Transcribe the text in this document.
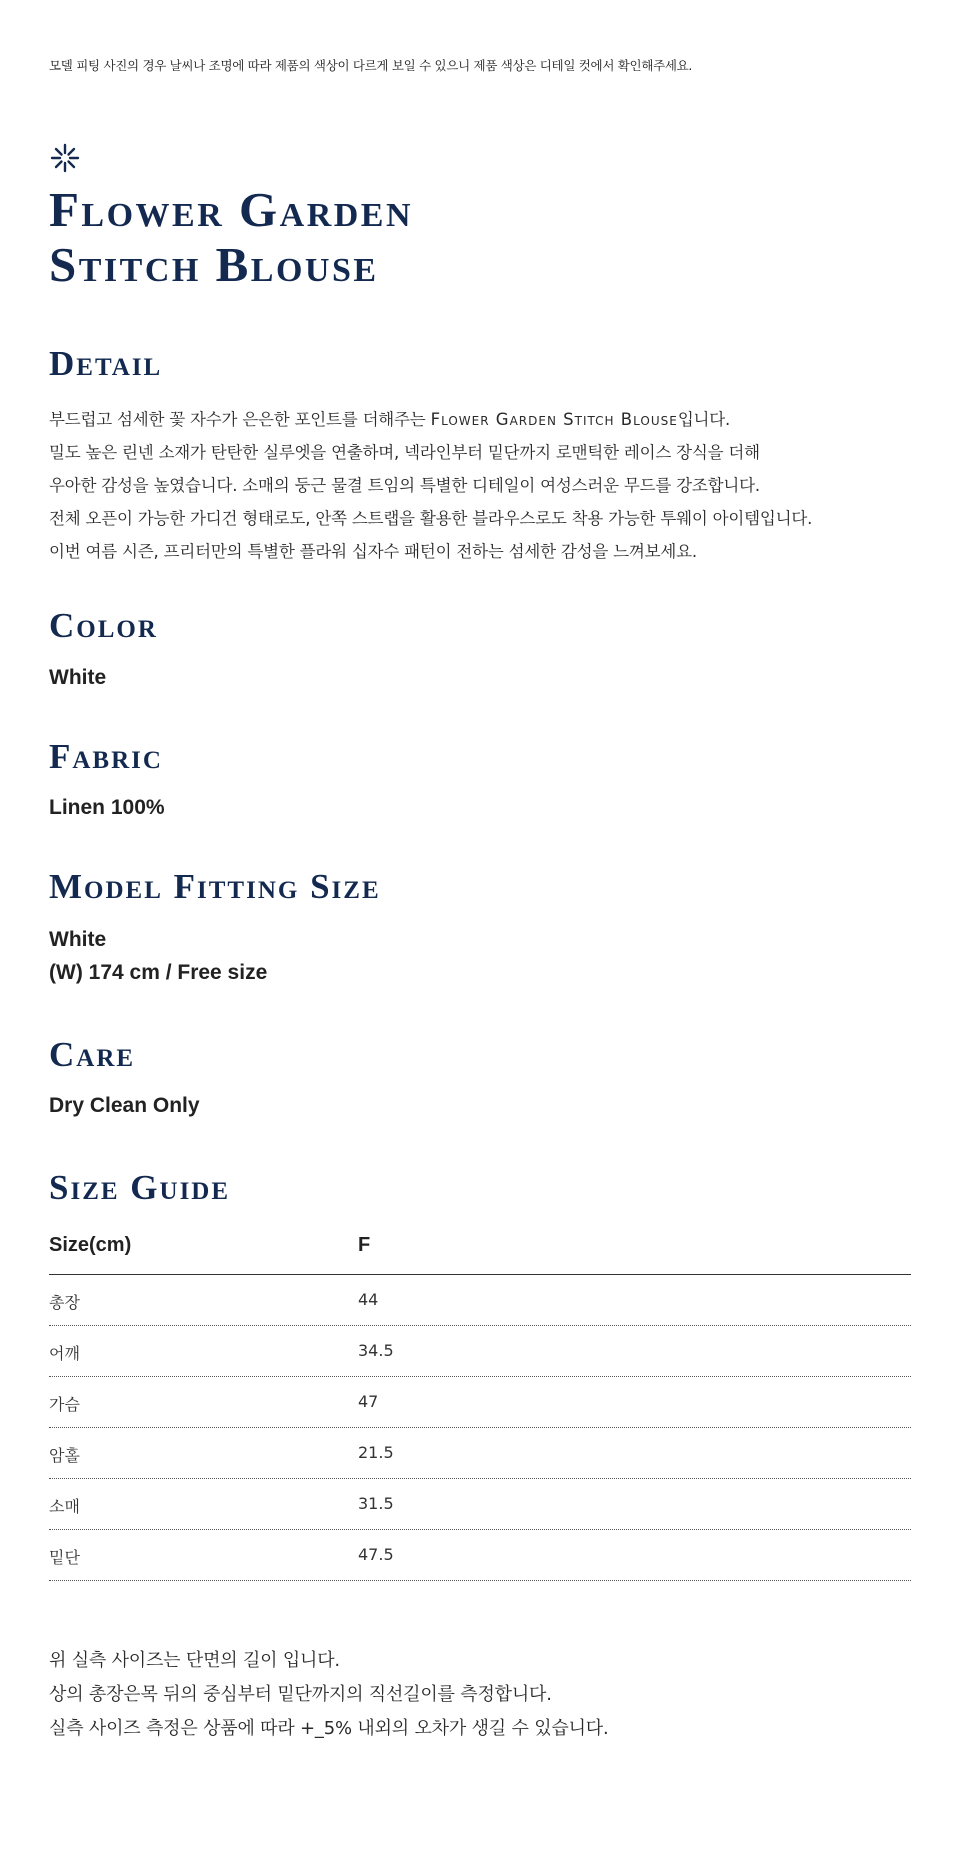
모델 피팅 사진의 경우 날씨나 조명에 따라 제품의 색상이 다르게 보일 수 있으니 제품 색상은 디테일 컷에서 확인해주세요.
Flower Garden
Stitch Blouse
Detail
부드럽고 섬세한 꽃 자수가 은은한 포인트를 더해주는 Flower Garden Stitch Blouse입니다.
밀도 높은 린넨 소재가 탄탄한 실루엣을 연출하며, 넥라인부터 밑단까지 로맨틱한 레이스 장식을 더해
우아한 감성을 높였습니다. 소매의 둥근 물결 트임의 특별한 디테일이 여성스러운 무드를 강조합니다.
전체 오픈이 가능한 가디건 형태로도, 안쪽 스트랩을 활용한 블라우스로도 착용 가능한 투웨이 아이템입니다.
이번 여름 시즌, 프리터만의 특별한 플라워 십자수 패턴이 전하는 섬세한 감성을 느껴보세요.
Color
White
Fabric
Linen 100%
Model Fitting Size
White
(W) 174 cm / Free size
Care
Dry Clean Only
Size Guide
Size(cm)	F
총장	44
어깨	34.5
가슴	47
암홀	21.5
소매	31.5
밑단	47.5
위 실측 사이즈는 단면의 길이 입니다.
상의 총장은목 뒤의 중심부터 밑단까지의 직선길이를 측정합니다.
실측 사이즈 측정은 상품에 따라 +_5% 내외의 오차가 생길 수 있습니다.
